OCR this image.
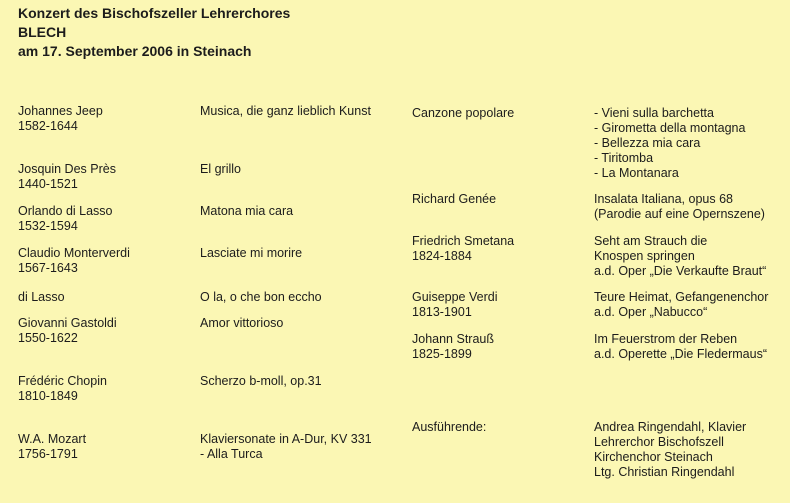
Konzert des Bischofszeller Lehrerchores
BLECH
am 17. September 2006 in Steinach
Johannes Jeep
1582-1644
Josquin Des Près
1440-1521
Orlando di Lasso
1532-1594
Claudio Monterverdi
1567-1643
di Lasso
Giovanni Gastoldi
1550-1622
Frédéric Chopin
1810-1849
W.A. Mozart
1756-1791
Musica, die ganz lieblich Kunst
El grillo
Matona mia cara
Lasciate mi morire
O la, o che bon eccho
Amor vittorioso
Scherzo b-moll, op.31
Klaviersonate in A-Dur, KV 331
- Alla Turca
Canzone popolare
Richard Genée
Friedrich Smetana
1824-1884
Guiseppe Verdi
1813-1901
Johann Strauß
1825-1899
Ausführende:
- Vieni sulla barchetta
- Girometta della montagna
- Bellezza mia cara
- Tiritomba
- La Montanara
Insalata Italiana, opus 68
(Parodie auf eine Opernszene)
Seht am Strauch die
Knospen springen
a.d. Oper „Die Verkaufte Braut“
Teure Heimat, Gefangenenchor
a.d. Oper „Nabucco“
Im Feuerstrom der Reben
a.d. Operette „Die Fledermaus“
Andrea Ringendahl, Klavier
Lehrerchor Bischofszell
Kirchenchor Steinach
Ltg. Christian Ringendahl
